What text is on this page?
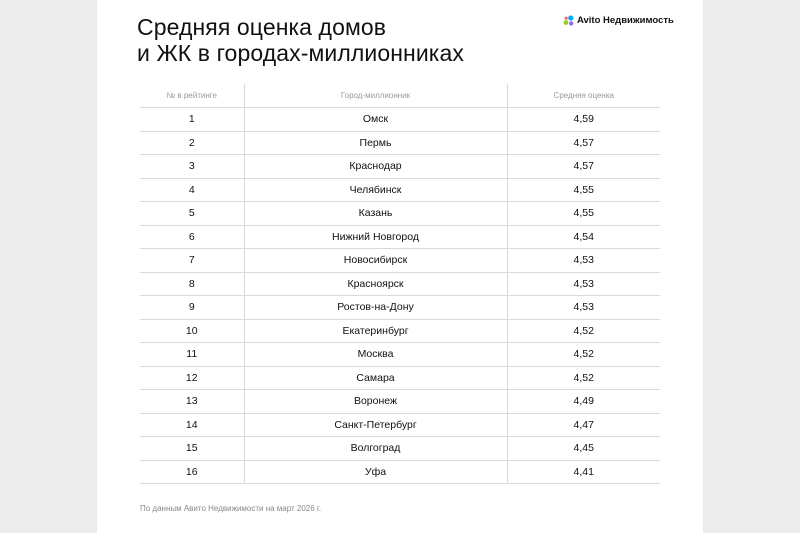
Средняя оценка домов
и ЖК в городах-миллионниках
Avito Недвижимость
№ в рейтинге	Город-миллионник	Средняя оценка
1	Омск	4,59
2	Пермь	4,57
3	Краснодар	4,57
4	Челябинск	4,55
5	Казань	4,55
6	Нижний Новгород	4,54
7	Новосибирск	4,53
8	Красноярск	4,53
9	Ростов-на-Дону	4,53
10	Екатеринбург	4,52
11	Москва	4,52
12	Самара	4,52
13	Воронеж	4,49
14	Санкт-Петербург	4,47
15	Волгоград	4,45
16	Уфа	4,41
По данным Авито Недвижимости на март 2026 г.
